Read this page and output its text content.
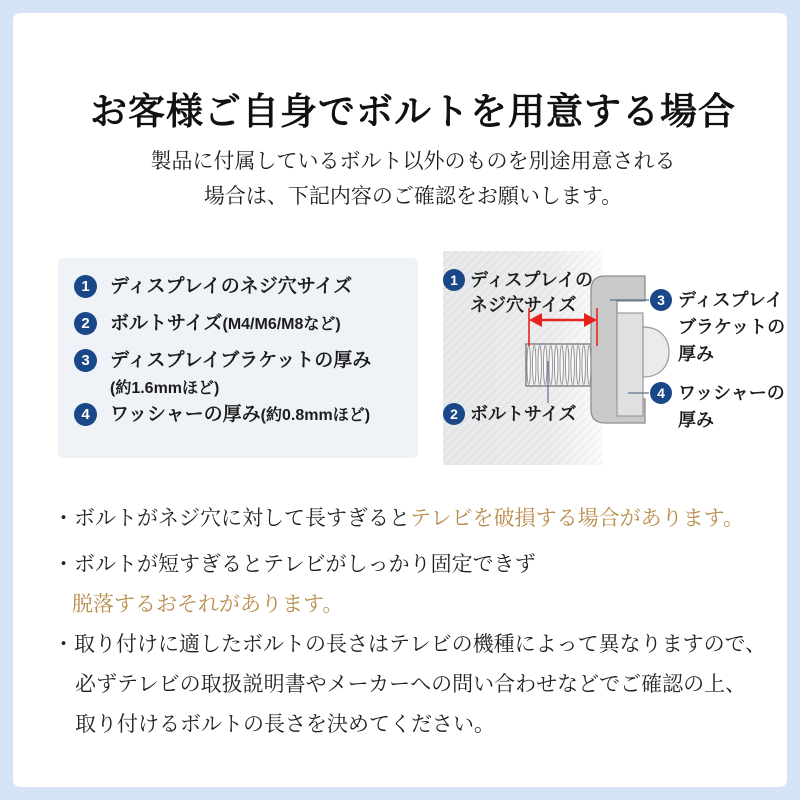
お客様ご自身でボルトを用意する場合
製品に付属しているボルト以外のものを別途用意される
場合は、下記内容のご確認をお願いします。
1	ディスプレイのネジ穴サイズ
2	ボルトサイズ(M4/M6/M8など)
3	ディスプレイブラケットの厚み
(約1.6mmほど)
4	ワッシャーの厚み(約0.8mmほど)
1
2
3
4
ディスプレイの
ネジ穴サイズ
ボルトサイズ
ディスプレイ
ブラケットの
厚み
ワッシャーの
厚み
・ボルトがネジ穴に対して長すぎるとテレビを破損する場合があります。
・ボルトが短すぎるとテレビがしっかり固定できず
脱落するおそれがあります。
・取り付けに適したボルトの長さはテレビの機種によって異なりますので、
必ずテレビの取扱説明書やメーカーへの問い合わせなどでご確認の上、
取り付けるボルトの長さを決めてください。
